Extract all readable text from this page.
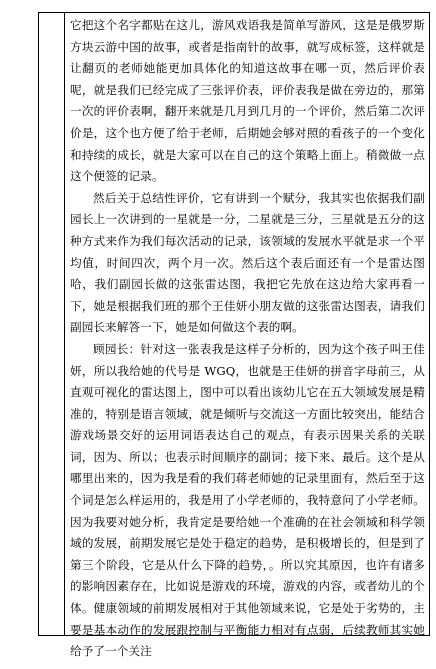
它把这个名字都贴在这儿，游风戏语我是简单写游风，这是是俄罗斯方块云游中国的故事，或者是指南针的故事，就写成标签，这样就是让翻页的老师她能更加具体化的知道这故事在哪一页，然后评价表呢，就是我们已经完成了三张评价表，评价表我是做在旁边的，那第一次的评价表啊，翻开来就是几月到几月的一个评价，然后第二次评价是，这个也方便了给于老师，后期她会够对照的看孩子的一个变化和持续的成长，就是大家可以在自己的这个策略上面上。稍微做一点这个便签的记录。

然后关于总结性评价，它有讲到一个赋分，我其实也依据我们副园长上一次讲到的一星就是一分，二星就是三分，三星就是五分的这种方式来作为我们每次活动的记录，该领域的发展水平就是求一个平均值，时间四次，两个月一次。然后这个表后面还有一个是雷达图哈，我们副园长做的这张雷达图，我把它先放在这边给大家再看一下，她是根据我们班的那个王佳妍小朋友做的这张雷达图表，请我们副园长来解答一下，她是如何做这个表的啊。

顾园长：针对这一张表我是这样子分析的，因为这个孩子叫王佳妍，所以我给她的代号是 WGQ，也就是王佳妍的拼音字母前三，从直观可视化的雷达图上，图中可以看出该幼儿它在五大领域发展是精准的，特别是语言领域，就是倾听与交流这一方面比较突出，能结合游戏场景交好的运用词语表达自己的观点，有表示因果关系的关联词，因为、所以；也表示时间顺序的副词；接下来、最后。这个是从哪里出来的，因为我是看的我们蒋老师她的记录里面有，然后至于这个词是怎么样运用的，我是用了小学老师的，我特意问了小学老师。因为我要对她分析，我肯定是要给她一个准确的在社会领域和科学领域的发展，前期发展它是处于稳定的趋势，是积极增长的，但是到了第三个阶段，它是从什么下降的趋势，。所以究其原因，也许有诸多的影响因素存在，比如说是游戏的环境，游戏的内容，或者幼儿的个体。健康领域的前期发展相对于其他领域来说，它是处于劣势的，主要是基本动作的发展跟控制与平衡能力相对有点弱，后续教师其实她给予了一个关注
